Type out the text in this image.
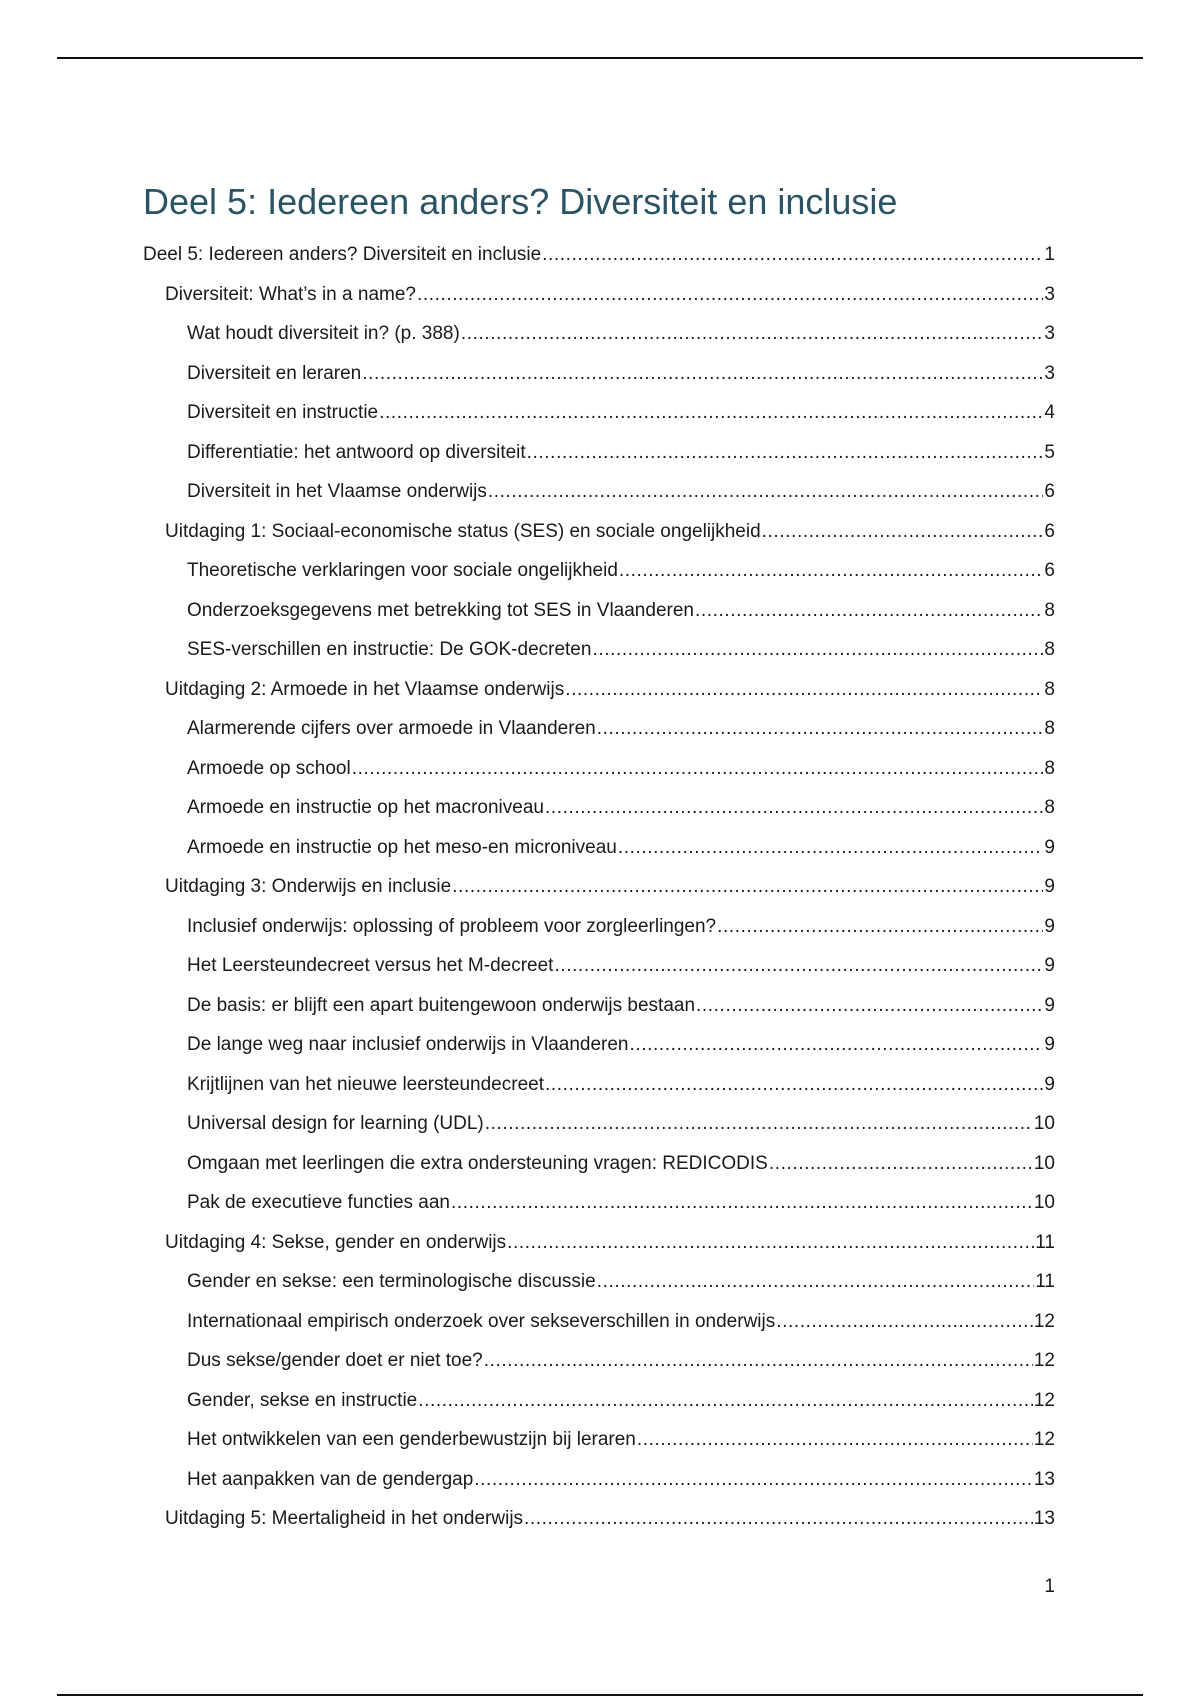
Deel 5: Iedereen anders? Diversiteit en inclusie
Deel 5: Iedereen anders? Diversiteit en inclusie .....	1
Diversiteit: What’s in a name? .....	3
Wat houdt diversiteit in? (p. 388) .....	3
Diversiteit en leraren .....	3
Diversiteit en instructie .....	4
Differentiatie: het antwoord op diversiteit .....	5
Diversiteit in het Vlaamse onderwijs .....	6
Uitdaging 1: Sociaal-economische status (SES) en sociale ongelijkheid .....	6
Theoretische verklaringen voor sociale ongelijkheid .....	6
Onderzoeksgegevens met betrekking tot SES in Vlaanderen .....	8
SES-verschillen en instructie: De GOK-decreten .....	8
Uitdaging 2: Armoede in het Vlaamse onderwijs .....	8
Alarmerende cijfers over armoede in Vlaanderen .....	8
Armoede op school .....	8
Armoede en instructie op het macroniveau .....	8
Armoede en instructie op het meso-en microniveau .....	9
Uitdaging 3: Onderwijs en inclusie .....	9
Inclusief onderwijs: oplossing of probleem voor zorgleerlingen? .....	9
Het Leersteundecreet versus het M-decreet .....	9
De basis: er blijft een apart buitengewoon onderwijs bestaan .....	9
De lange weg naar inclusief onderwijs in Vlaanderen .....	9
Krijtlijnen van het nieuwe leersteundecreet .....	9
Universal design for learning (UDL) .....	10
Omgaan met leerlingen die extra ondersteuning vragen: REDICODIS .....	10
Pak de executieve functies aan .....	10
Uitdaging 4: Sekse, gender en onderwijs .....	11
Gender en sekse: een terminologische discussie .....	11
Internationaal empirisch onderzoek over sekseverschillen in onderwijs .....	12
Dus sekse/gender doet er niet toe? .....	12
Gender, sekse en instructie .....	12
Het ontwikkelen van een genderbewustzijn bij leraren .....	12
Het aanpakken van de gendergap .....	13
Uitdaging 5: Meertaligheid in het onderwijs .....	13
1
